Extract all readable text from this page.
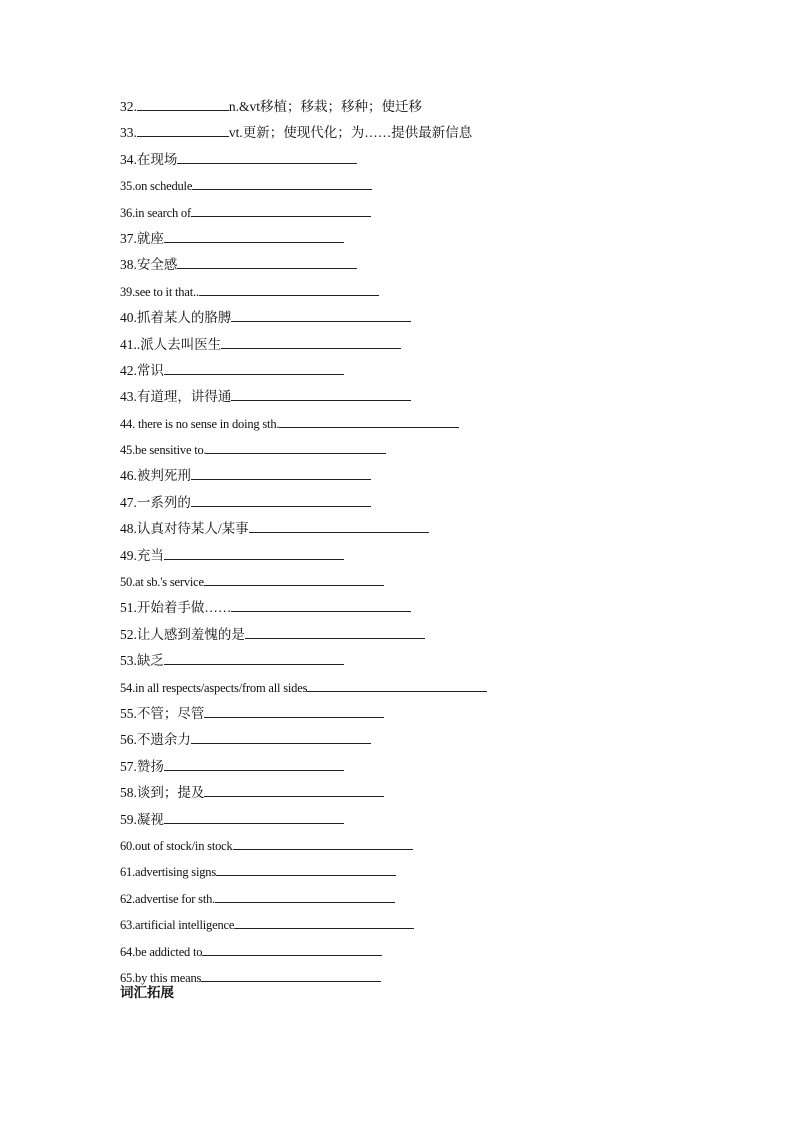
32.	n.&vt移植；移栽；移种；使迁移
33.	vt.更新；使现代化；为……提供最新信息
34.在现场
35.on schedule
36.in search of
37.就座
38.安全感
39.see to it that..
40.抓着某人的胳膊
41..派人去叫医生
42.常识
43.有道理，讲得通
44. there is no sense in doing sth.
45.be sensitive to.
46.被判死刑
47.一系列的
48.认真对待某人/某事
49.充当
50.at sb.'s service
51.开始着手做……
52.让人感到羞愧的是
53.缺乏
54.in all respects/aspects/from all sides
55.不管；尽管
56.不遗余力
57.赞扬
58.谈到；提及
59.凝视
60.out of stock/in stock
61.advertising signs
62.advertise for sth.
63.artificial intelligence
64.be addicted to
65.by this means
词汇拓展
